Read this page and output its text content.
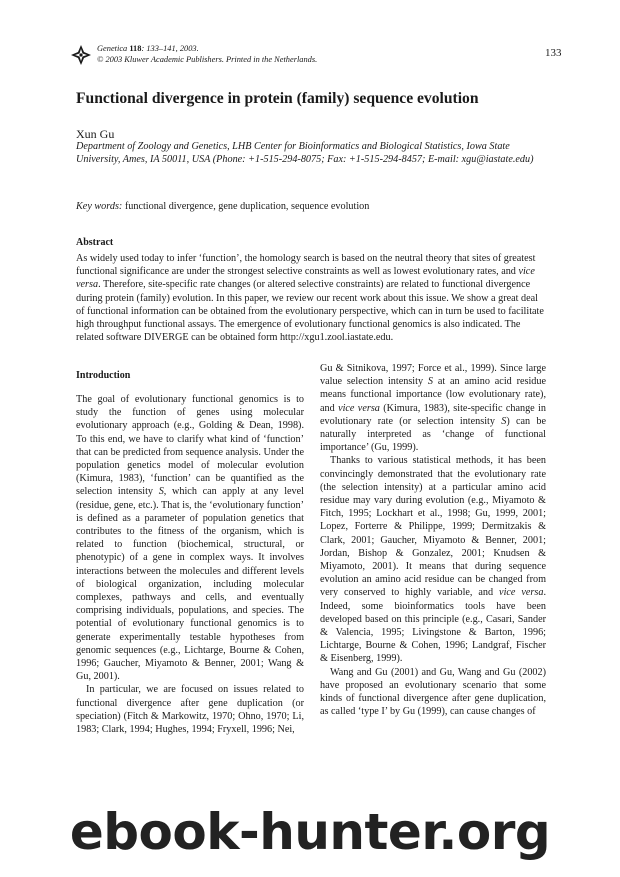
Genetica 118: 133–141, 2003.
© 2003 Kluwer Academic Publishers. Printed in the Netherlands.
133
Functional divergence in protein (family) sequence evolution
Xun Gu
Department of Zoology and Genetics, LHB Center for Bioinformatics and Biological Statistics, Iowa State University, Ames, IA 50011, USA (Phone: +1-515-294-8075; Fax: +1-515-294-8457; E-mail: xgu@iastate.edu)
Key words: functional divergence, gene duplication, sequence evolution
Abstract
As widely used today to infer ‘function’, the homology search is based on the neutral theory that sites of greatest functional significance are under the strongest selective constraints as well as lowest evolutionary rates, and vice versa. Therefore, site-specific rate changes (or altered selective constraints) are related to functional divergence during protein (family) evolution. In this paper, we review our recent work about this issue. We show a great deal of functional information can be obtained from the evolutionary perspective, which can in turn be used to facilitate high throughput functional assays. The emergence of evolutionary functional genomics is also indicated. The related software DIVERGE can be obtained form http://xgu1.zool.iastate.edu.
Introduction

The goal of evolutionary functional genomics is to study the function of genes using molecular evolutionary approach (e.g., Golding & Dean, 1998). To this end, we have to clarify what kind of ‘function’ that can be predicted from sequence analysis. Under the population genetics model of molecular evolution (Kimura, 1983), ‘function’ can be quantified as the selection intensity S, which can apply at any level (residue, gene, etc.). That is, the ‘evolutionary function’ is defined as a parameter of population genetics that contributes to the fitness of the organism, which is related to function (biochemical, structural, or phenotypic) of a gene in complex ways. It involves interactions between the molecules and different levels of biological organization, including molecular complexes, pathways and cells, and eventually comprising individuals, populations, and species. The potential of evolutionary functional genomics is to generate experimentally testable hypotheses from genomic sequences (e.g., Lichtarge, Bourne & Cohen, 1996; Gaucher, Miyamoto & Benner, 2001; Wang & Gu, 2001).

In particular, we are focused on issues related to functional divergence after gene duplication (or speciation) (Fitch & Markowitz, 1970; Ohno, 1970; Li, 1983; Clark, 1994; Hughes, 1994; Fryxell, 1996; Nei,

Gu & Sitnikova, 1997; Force et al., 1999). Since large value selection intensity S at an amino acid residue means functional importance (low evolutionary rate), and vice versa (Kimura, 1983), site-specific change in evolutionary rate (or selection intensity S) can be naturally interpreted as ‘change of functional importance’ (Gu, 1999).

Thanks to various statistical methods, it has been convincingly demonstrated that the evolutionary rate (the selection intensity) at a particular amino acid residue may vary during evolution (e.g., Miyamoto & Fitch, 1995; Lockhart et al., 1998; Gu, 1999, 2001; Lopez, Forterre & Philippe, 1999; Dermitzakis & Clark, 2001; Gaucher, Miyamoto & Benner, 2001; Jordan, Bishop & Gonzalez, 2001; Knudsen & Miyamoto, 2001). It means that during sequence evolution an amino acid residue can be changed from very conserved to highly variable, and vice versa. Indeed, some bioinformatics tools have been developed based on this principle (e.g., Casari, Sander & Valencia, 1995; Livingstone & Barton, 1996; Lichtarge, Bourne & Cohen, 1996; Landgraf, Fischer & Eisenberg, 1999).

Wang and Gu (2001) and Gu, Wang and Gu (2002) have proposed an evolutionary scenario that some kinds of functional divergence after gene duplication, as called ‘type I’ by Gu (1999), can cause changes of

ebook-hunter.org
